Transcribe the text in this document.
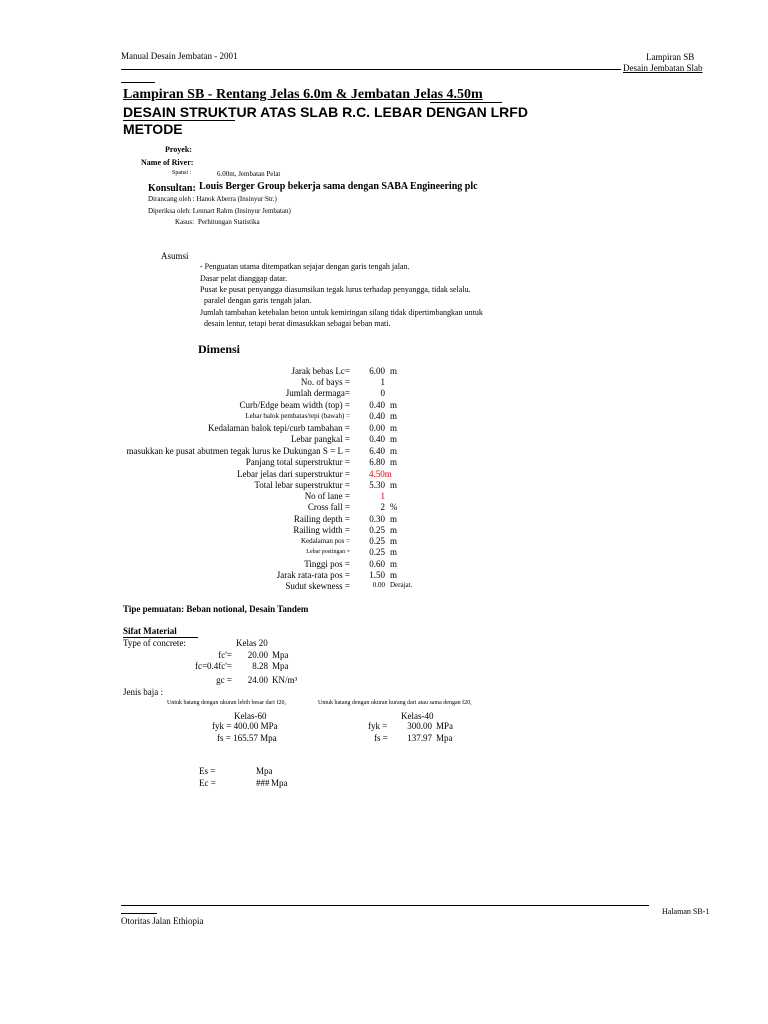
Manual Desain Jembatan - 2001	Lampiran SB
Desain Jembatan Slab
Lampiran SB - Rentang Jelas 6.0m & Jembatan Jelas 4.50m
DESAIN STRUKTUR ATAS SLAB R.C. LEBAR DENGAN LRFD
METODE
Proyek:
Name of River:
Spansi :	6.00m, Jembatan Pelat
Konsultan: Louis Berger Group bekerja sama dengan SABA Engineering plc
Dirancang oleh : Hanok Aberra (Insinyur Str.)
Diperiksa oleh: Lennart Rahm (Insinyur Jembatan)
Kasus: Perhitungan Statistika
Asumsi
- Penguatan utama ditempatkan sejajar dengan garis tengah jalan.
Dasar pelat dianggap datar.
Pusat ke pusat penyangga diasumsikan tegak lurus terhadap penyangga, tidak selalu.
paralel dengan garis tengah jalan.
Jumlah tambahan ketebalan beton untuk kemiringan silang tidak dipertimbangkan untuk
desain lentur, tetapi berat dimasukkan sebagai beban mati.
Dimensi
Jarak bebas Lc=	6.00 m
No. of bays =	1
Jumlah dermaga=	0
Curb/Edge beam width (top) =	0.40 m
Lebar balok pembatas/tepi (bawah) =	0.40 m
Kedalaman balok tepi/curb tambahan =	0.00 m
Lebar pangkal =	0.40 m
masukkan ke pusat abutmen tegak lurus ke Dukungan S = L =	6.40 m
Panjang total superstruktur =	6.80 m
Lebar jelas dari superstruktur = 4.50m
Total lebar superstruktur =	5.30 m
No of lane =	1
Cross fall =	2 %
Railing depth =	0.30 m
Railing width =	0.25 m
Kedalaman pos =	0.25 m
Lebar postingan =	0.25 m
Tinggi pos =	0.60 m
Jarak rata-rata pos =	1.50 m
Sudut skewness =	0.00 Derajat.
Tipe pemuatan: Beban notional, Desain Tandem
Sifat Material
Type of concrete:	Kelas 20
fc'=	20.00 Mpa
fc=0.4fc'=	8.28 Mpa
gc =	24.00 KN/m³
Jenis baja :
Untuk batang dengan ukuran lebih besar dari f20,	Untuk batang dengan ukuran kurang dari atau sama dengan f20,
Kelas-60
fyk = 400.00 MPa
fs = 165.57 Mpa
Kelas-40
fyk =	300.00 MPa
fs =	137.97 Mpa
Es =	Mpa
Ec =	### Mpa
Halaman SB-1
Otoritas Jalan Ethiopia
